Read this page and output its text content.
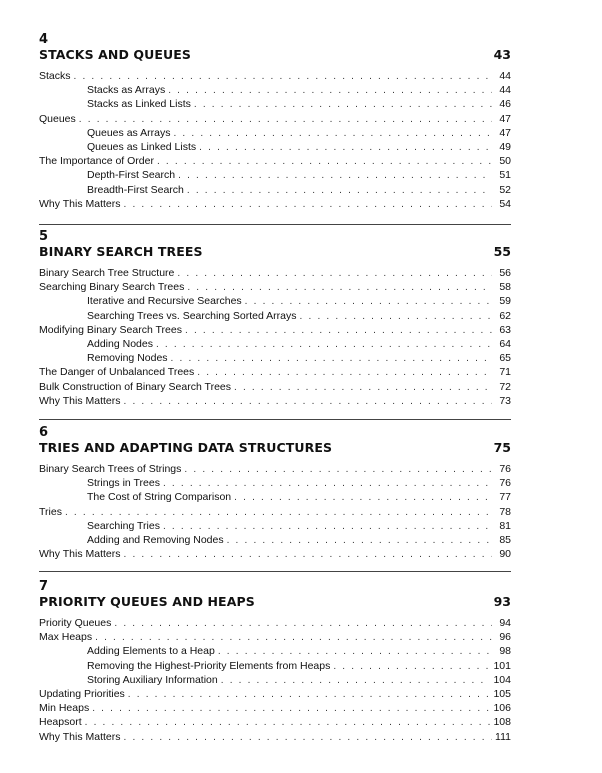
4
STACKS AND QUEUES	43
Stacks . . .	44
Stacks as Arrays . . .	44
Stacks as Linked Lists . . .	46
Queues . . .	47
Queues as Arrays . . .	47
Queues as Linked Lists . . .	49
The Importance of Order . . .	50
Depth-First Search . . .	51
Breadth-First Search . . .	52
Why This Matters . . .	54
5
BINARY SEARCH TREES	55
Binary Search Tree Structure . . .	56
Searching Binary Search Trees . . .	58
Iterative and Recursive Searches . . .	59
Searching Trees vs. Searching Sorted Arrays . . .	62
Modifying Binary Search Trees . . .	63
Adding Nodes . . .	64
Removing Nodes . . .	65
The Danger of Unbalanced Trees . . .	71
Bulk Construction of Binary Search Trees . . .	72
Why This Matters . . .	73
6
TRIES AND ADAPTING DATA STRUCTURES	75
Binary Search Trees of Strings . . .	76
Strings in Trees . . .	76
The Cost of String Comparison . . .	77
Tries . . .	78
Searching Tries . . .	81
Adding and Removing Nodes . . .	85
Why This Matters . . .	90
7
PRIORITY QUEUES AND HEAPS	93
Priority Queues . . .	94
Max Heaps . . .	96
Adding Elements to a Heap . . .	98
Removing the Highest-Priority Elements from Heaps . . .	101
Storing Auxiliary Information . . .	104
Updating Priorities . . .	105
Min Heaps . . .	106
Heapsort . . .	108
Why This Matters . . .	111
